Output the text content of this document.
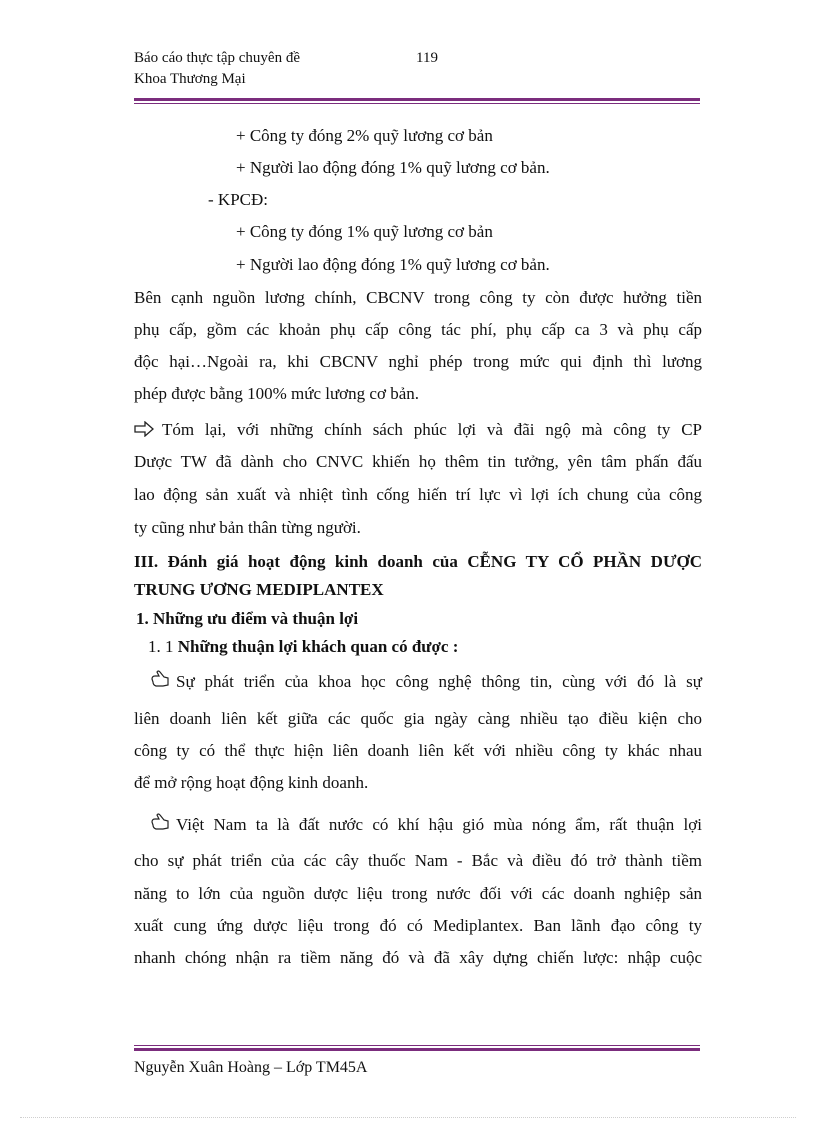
Báo cáo thực tập chuyên đề	119
Khoa Thương Mại
+ Công ty đóng 2% quỹ lương cơ bản
+ Người lao động đóng 1% quỹ lương cơ bản.
- KPCĐ:
+ Công ty đóng 1% quỹ lương cơ bản
+ Người lao động đóng 1% quỹ lương cơ bản.
Bên cạnh nguồn lương chính, CBCNV trong công ty còn được hưởng tiền
phụ cấp, gồm các khoản phụ cấp công tác phí, phụ cấp ca 3 và phụ cấp
độc hại…Ngoài ra, khi CBCNV nghỉ phép trong mức qui định thì lương
phép được bằng 100% mức lương cơ bản.
Tóm lại, với những chính sách phúc lợi và đãi ngộ mà công ty CP
Dược TW đã dành cho CNVC khiến họ thêm tin tưởng, yên tâm phấn đấu
lao động sản xuất và nhiệt tình cống hiến trí lực vì lợi ích chung của công
ty cũng như bản thân từng người.
III. Đánh giá hoạt động kinh doanh của CỄNG TY CỔ PHẦN DƯỢC
TRUNG ƯƠNG MEDIPLANTEX
1. Những ưu điểm và thuận lợi
1. 1 Những thuận lợi khách quan có được :
Sự phát triển của khoa học công nghệ thông tin, cùng với đó là sự
liên doanh liên kết giữa các quốc gia ngày càng nhiều tạo điều kiện cho
công ty có thể thực hiện liên doanh liên kết với nhiều công ty khác nhau
để mở rộng hoạt động kinh doanh.
Việt Nam ta là đất nước có khí hậu gió mùa nóng ẩm, rất thuận lợi
cho sự phát triển của các cây thuốc Nam - Bắc và điều đó trở thành tiềm
năng to lớn của nguồn dược liệu trong nước đối với các doanh nghiệp sản
xuất cung ứng dược liệu trong đó có Mediplantex. Ban lãnh đạo công ty
nhanh chóng nhận ra tiềm năng đó và đã xây dựng chiến lược: nhập cuộc
Nguyễn Xuân Hoàng – Lớp TM45A
